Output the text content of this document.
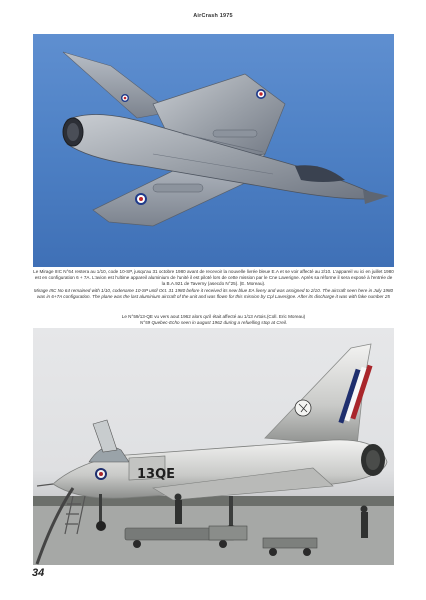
AirCrash 1975
Le Mirage IIIC N°64 restera au 1/10, code 10-SP, jusqu'au 31 octobre 1980 avant de recevoir la nouvelle livrée bleue E.A et se voir affecté au 2/10. L'appareil vu ici en juillet 1980 est en configuration 6 + 7A. L'avion est l'ultime appareil aluminium de l'unité il est piloté lors de cette mission par le Cne Laverigne. Après sa réforme il sera exposé à l'entrée de la B.A.921 de Taverny (asecdo N°25). (E. Moreau).
Mirage IIIC No 64 remained with 1/10, codename 10-SP until Oct. 31 1980 before it received its new blue EA livery and was assigned to 2/10. The aircraft seen here in July 1980 was in 6+7A configuration. The plane was the last aluminium aircraft of the unit and was flown for this mission by Cpl Laverigne. After its discharge it was with fake number 25
Le N°59/13-QE vu vers aout 1962 alors qu'il était affecté au 1/13 Artois.(Coll. Eric Moreau)
N°59 Quebec-Echo seen in august 1962 during a refuelling stop at Creil.
13QE
34
